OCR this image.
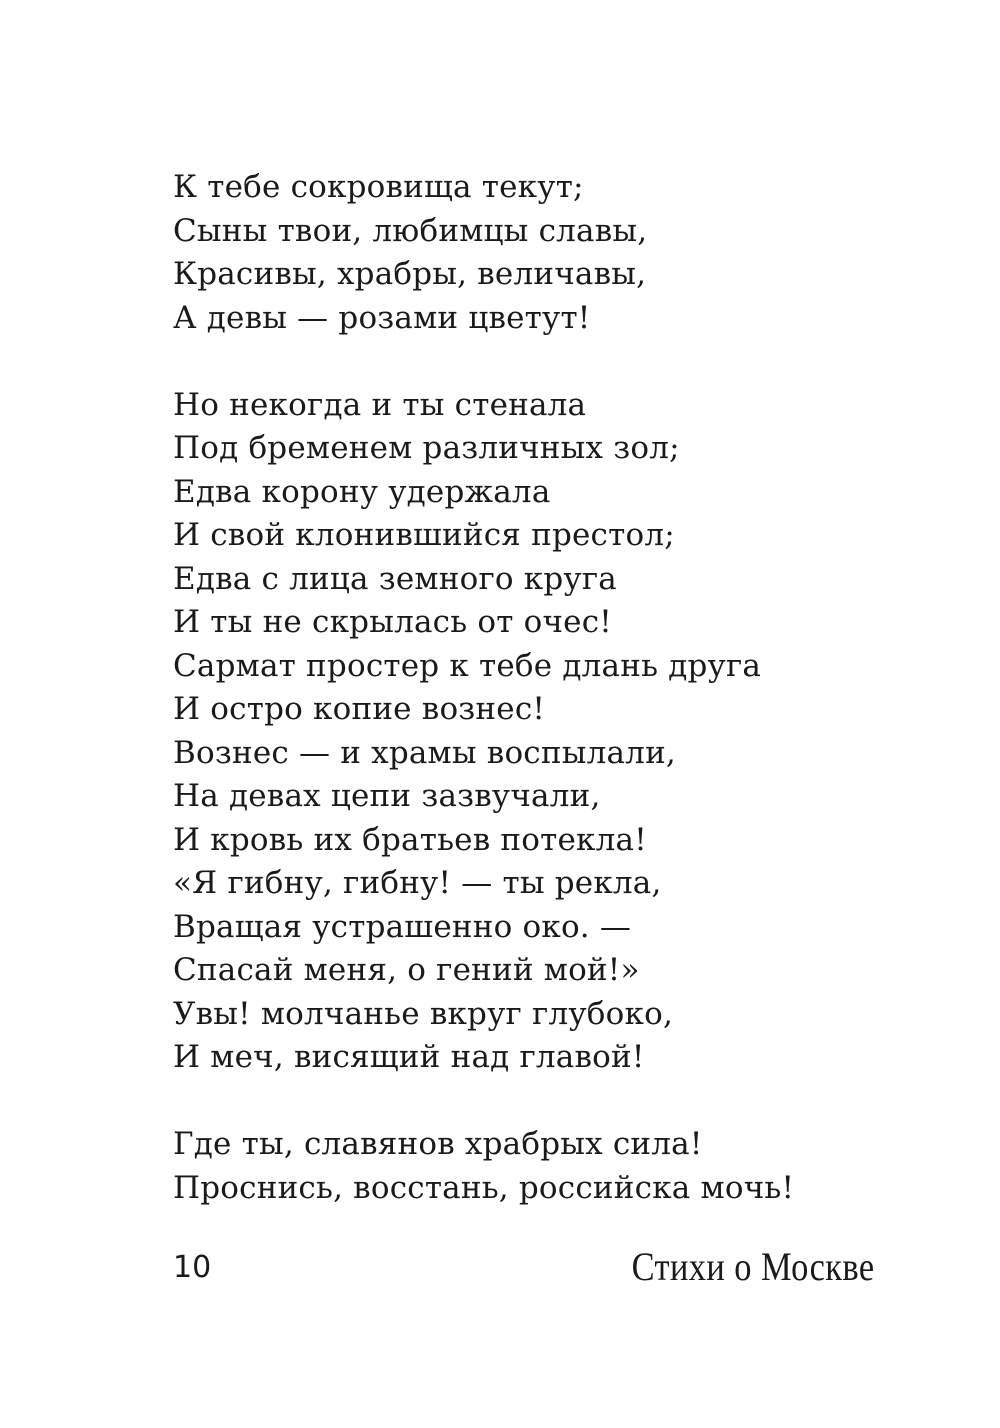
К тебе сокровища текут;
Сыны твои, любимцы славы,
Красивы, храбры, величавы,
А девы — розами цветут!
Но некогда и ты стенала
Под бременем различных зол;
Едва корону удержала
И свой клонившийся престол;
Едва с лица земного круга
И ты не скрылась от очес!
Сармат простер к тебе длань друга
И остро копие вознес!
Вознес — и храмы воспылали,
На девах цепи зазвучали,
И кровь их братьев потекла!
«Я гибну, гибну! — ты рекла,
Вращая устрашенно око. —
Спасай меня, о гений мой!»
Увы! молчанье вкруг глубоко,
И меч, висящий над главой!
Где ты, славянов храбрых сила!
Проснись, восстань, российска мочь!
10	Стихи о Москве
